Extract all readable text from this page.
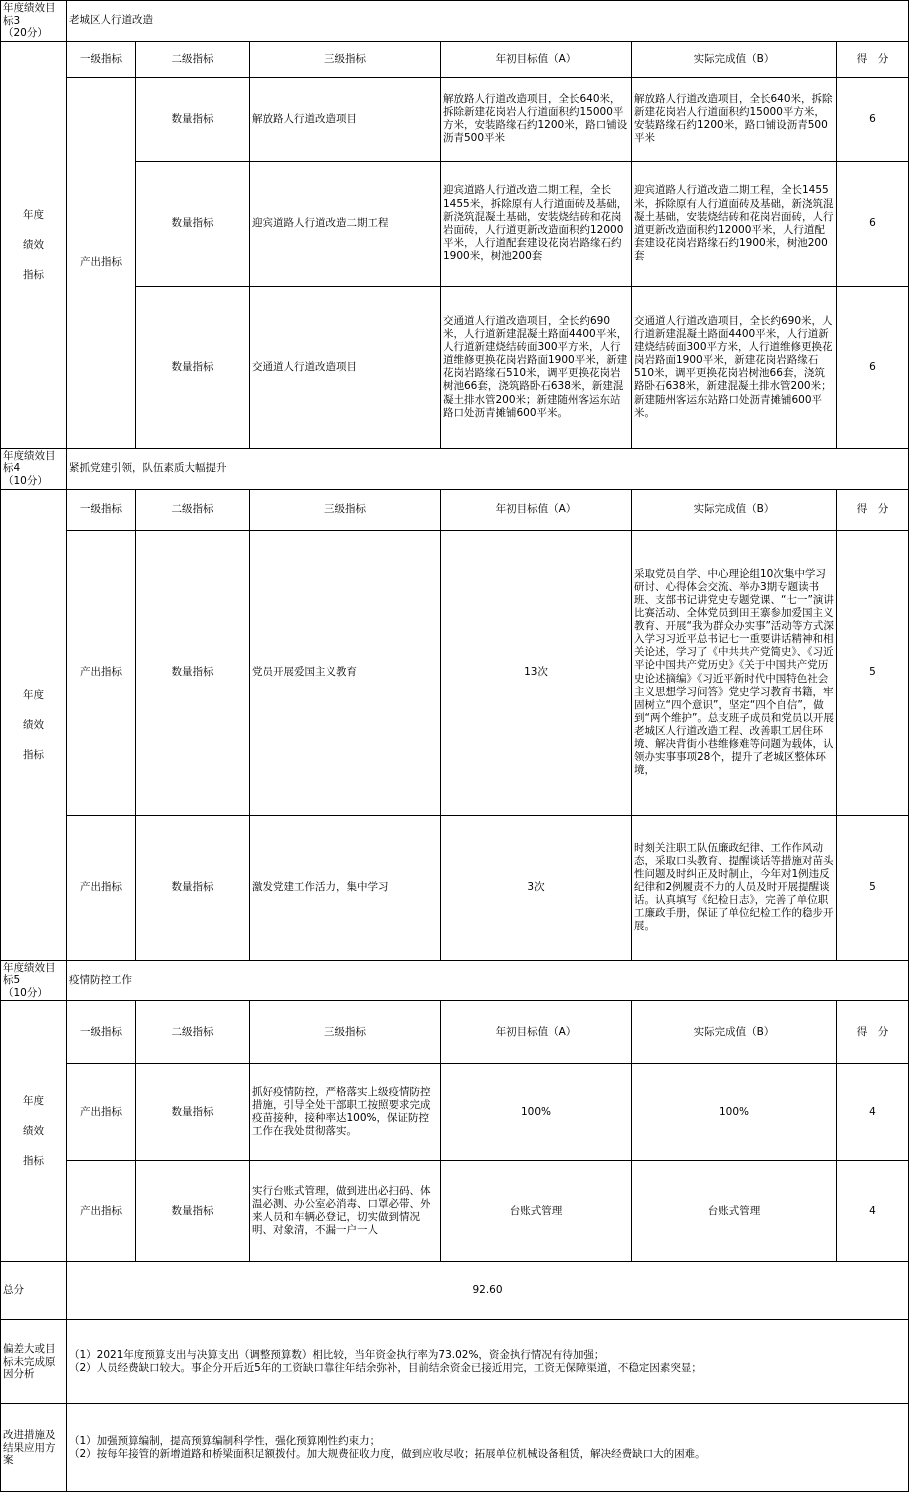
年度绩效目标3
（20分）	老城区人行道改造					
年度
绩效
指标	一级指标	二级指标	三级指标	年初目标值（A）	实际完成值（B）	得　分
	产出指标	数量指标	解放路人行道改造项目	解放路人行道改造项目，全长640米，拆除新建花岗岩人行道面积约15000平方米，安装路缘石约1200米，路口铺设沥青500平米	解放路人行道改造项目，全长640米，拆除新建花岗岩人行道面积约15000平方米，安装路缘石约1200米，路口铺设沥青500平米	6
		数量指标	迎宾道路人行道改造二期工程	迎宾道路人行道改造二期工程，全长1455米，拆除原有人行道面砖及基础，新浇筑混凝土基础，安装烧结砖和花岗岩面砖，人行道更新改造面积约12000平米，人行道配套建设花岗岩路缘石约1900米，树池200套	迎宾道路人行道改造二期工程，全长1455米，拆除原有人行道面砖及基础，新浇筑混凝土基础，安装烧结砖和花岗岩面砖，人行道更新改造面积约12000平米，人行道配套建设花岗岩路缘石约1900米，树池200套	6
		数量指标	交通道人行道改造项目	交通道人行道改造项目，全长约690米，人行道新建混凝土路面4400平米，人行道新建烧结砖面300平方米，人行道维修更换花岗岩路面1900平米，新建花岗岩路缘石510米，调平更换花岗岩树池66套，浇筑路卧石638米，新建混凝土排水管200米；新建随州客运东站路口处沥青摊铺600平米。	交通道人行道改造项目，全长约690米，人行道新建混凝土路面4400平米，人行道新建烧结砖面300平方米，人行道维修更换花岗岩路面1900平米，新建花岗岩路缘石510米，调平更换花岗岩树池66套，浇筑路卧石638米，新建混凝土排水管200米；新建随州客运东站路口处沥青摊铺600平米。	6
年度绩效目标4
（10分）	紧抓党建引领，队伍素质大幅提升					
年度
绩效
指标	一级指标	二级指标	三级指标	年初目标值（A）	实际完成值（B）	得　分
	产出指标	数量指标	党员开展爱国主义教育	13次	采取党员自学、中心理论组10次集中学习研讨、心得体会交流、举办3期专题读书班、支部书记讲党史专题党课、“七一”演讲比赛活动、全体党员到田王寨参加爱国主义教育、开展“我为群众办实事”活动等方式深入学习习近平总书记七一重要讲话精神和相关论述，学习了《中共共产党简史》、《习近平论中国共产党历史》《关于中国共产党历史论述摘编》《习近平新时代中国特色社会主义思想学习问答》党史学习教育书籍，牢固树立“四个意识”，坚定“四个自信”，做到“两个维护”。总支班子成员和党员以开展老城区人行道改造工程、改善职工居住环境、解决背街小巷维修难等问题为载体，认领办实事事项28个，提升了老城区整体环境，	5
	产出指标	数量指标	激发党建工作活力，集中学习	3次	时刻关注职工队伍廉政纪律、工作作风动态，采取口头教育、提醒谈话等措施对苗头性问题及时纠正及时制止，今年对1例违反纪律和2例履责不力的人员及时开展提醒谈话。认真填写《纪检日志》，完善了单位职工廉政手册，保证了单位纪检工作的稳步开展。	5
年度绩效目标5
（10分）	疫情防控工作					
年度
绩效
指标	一级指标	二级指标	三级指标	年初目标值（A）	实际完成值（B）	得　分
	产出指标	数量指标	抓好疫情防控，严格落实上级疫情防控措施，引导全处干部职工按照要求完成疫苗接种，接种率达100%，保证防控工作在我处贯彻落实。	100%	100%	4
	产出指标	数量指标	实行台账式管理，做到进出必扫码、体温必测、办公室必消毒、口罩必带、外来人员和车辆必登记，切实做到情况明、对象清，不漏一户一人	台账式管理	台账式管理	4
总分	92.60					
偏差大或目标未完成原因分析	（1）2021年度预算支出与决算支出（调整预算数）相比较，当年资金执行率为73.02%，资金执行情况有待加强；
（2）人员经费缺口较大。事企分开后近5年的工资缺口靠往年结余弥补，目前结余资金已接近用完，工资无保障渠道，不稳定因素突显；					

改进措施及结果应用方案	（1）加强预算编制，提高预算编制科学性，强化预算刚性约束力；
（2）按每年接管的新增道路和桥梁面积足额拨付。加大规费征收力度，做到应收尽收；拓展单位机械设备租赁，解决经费缺口大的困难。					
